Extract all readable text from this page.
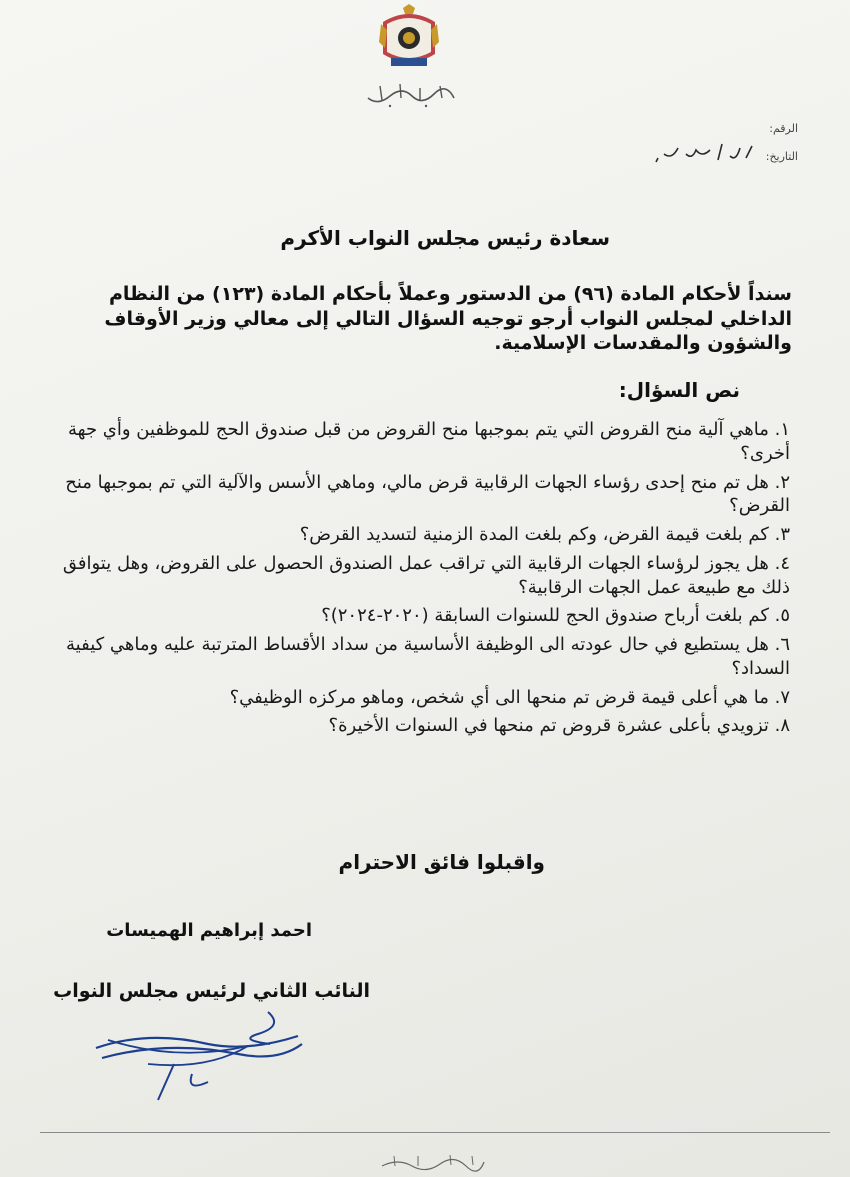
الرقم:
التاريخ:
سعادة رئيس مجلس النواب الأكرم

سنداً لأحكام المادة (٩٦) من الدستور وعملاً بأحكام المادة (١٢٣) من النظام الداخلي لمجلس النواب أرجو توجيه السؤال التالي إلى معالي وزير الأوقاف والشؤون والمقدسات الإسلامية.

نص السؤال:
١. ماهي آلية منح القروض التي يتم بموجبها منح القروض من قبل صندوق الحج للموظفين وأي جهة أخرى؟
٢. هل تم منح إحدى رؤساء الجهات الرقابية قرض مالي، وماهي الأسس والآلية التي تم بموجبها منح القرض؟
٣. كم بلغت قيمة القرض، وكم بلغت المدة الزمنية لتسديد القرض؟
٤. هل يجوز لرؤساء الجهات الرقابية التي تراقب عمل الصندوق الحصول على القروض، وهل يتوافق ذلك مع طبيعة عمل الجهات الرقابية؟
٥. كم بلغت أرباح صندوق الحج للسنوات السابقة (٢٠٢٠-٢٠٢٤)؟
٦. هل يستطيع في حال عودته الى الوظيفة الأساسية من سداد الأقساط المترتبة عليه وماهي كيفية السداد؟
٧. ما هي أعلى قيمة قرض تم منحها الى أي شخص، وماهو مركزه الوظيفي؟
٨. تزويدي بأعلى عشرة قروض تم منحها في السنوات الأخيرة؟
واقبلوا فائق الاحترام
احمد إبراهيم الهميسات
النائب الثاني لرئيس مجلس النواب
